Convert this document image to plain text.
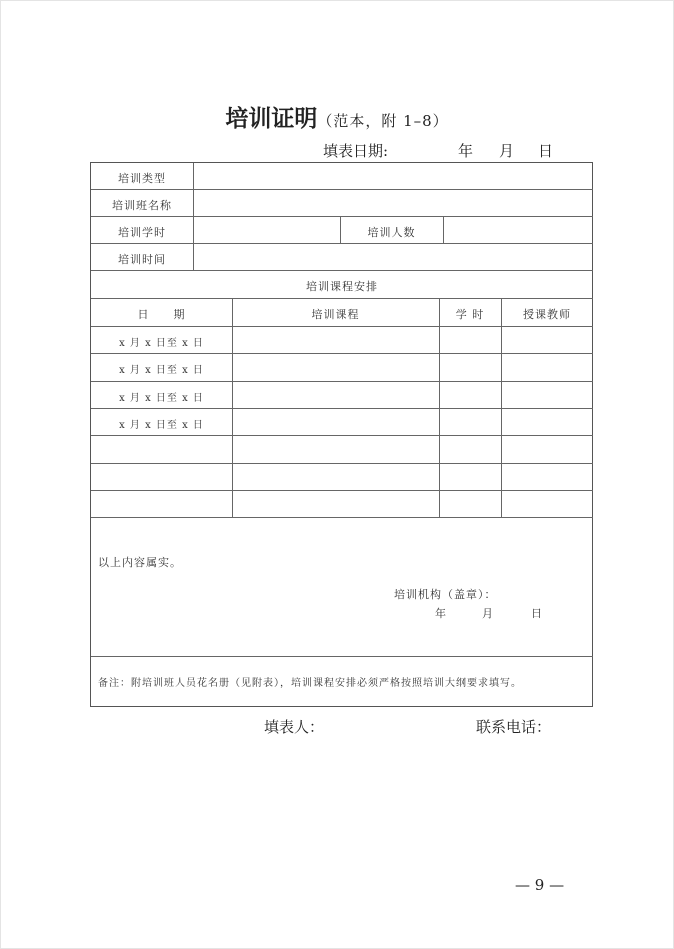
培训证明（范本，附 1–8）
填表日期:	年 月 日
培训类型
培训班名称
培训学时	培训人数
培训时间
培训课程安排
日　　期	培训课程	学 时	授课教师
x 月 x 日至 x 日
x 月 x 日至 x 日
x 月 x 日至 x 日
x 月 x 日至 x 日
以上内容属实。
培训机构（盖章）：
年	月	日
备注：附培训班人员花名册（见附表），培训课程安排必须严格按照培训大纲要求填写。
填表人：	联系电话：
— 9 —
